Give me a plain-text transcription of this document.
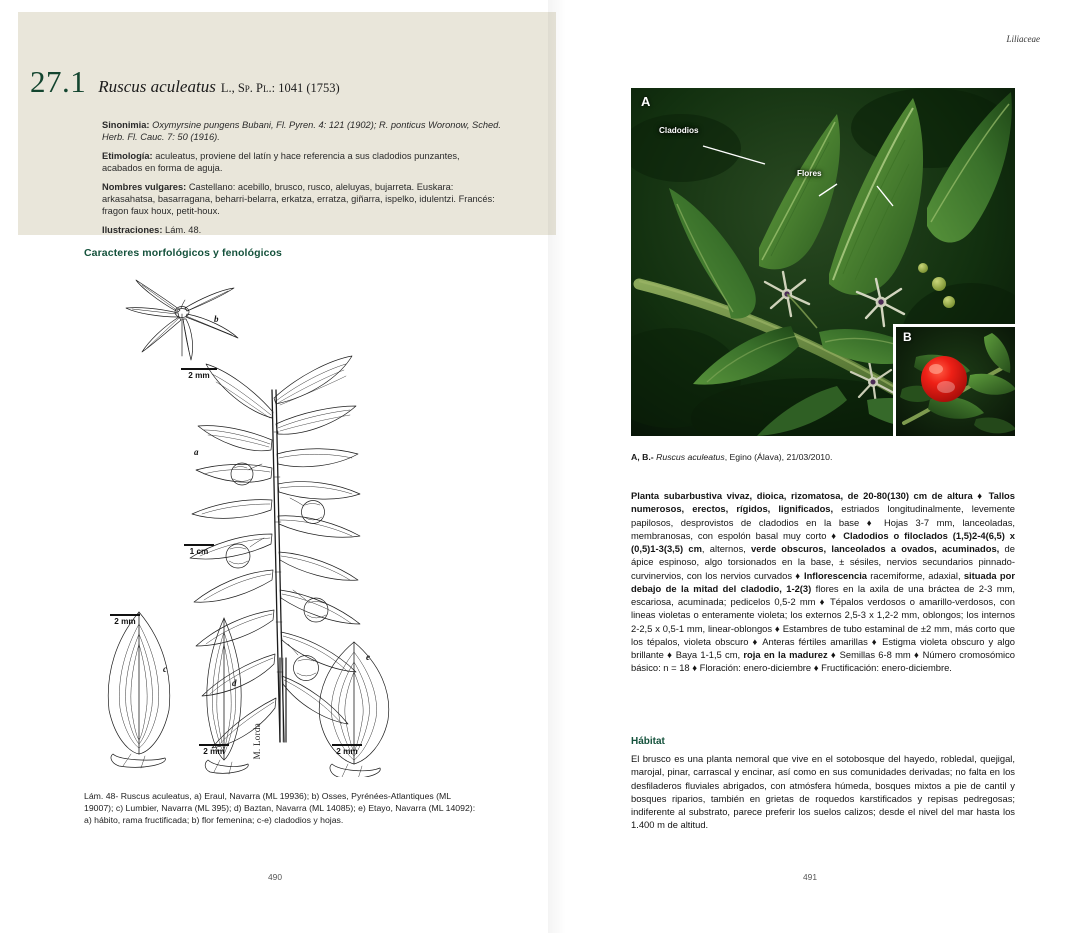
27.1 Ruscus aculeatus L., Sp. Pl.: 1041 (1753)

Sinonimia: Oxymyrsine pungens Bubani, Fl. Pyren. 4: 121 (1902); R. ponticus Woronow, Sched. Herb. Fl. Cauc. 7: 50 (1916).

Etimología: aculeatus, proviene del latín y hace referencia a sus cladodios punzantes, acabados en forma de aguja.

Nombres vulgares: Castellano: acebillo, brusco, rusco, aleluyas, bujarreta. Euskara: arkasahatsa, basarragana, beharri-belarra, erkatza, erratza, giñarra, ispelko, idulentzi. Francés: fragon faux houx, petit-houx.

Ilustraciones: Lám. 48.

Caracteres morfológicos y fenológicos
b
a
c
d
e
2 mm
1 cm
2 mm
2 mm	2 mm
M. Lorda
Lám. 48- Ruscus aculeatus, a) Eraul, Navarra (ML 19936); b) Osses, Pyrénées-Atlantiques (ML 19007); c) Lumbier, Navarra (ML 395); d) Baztan, Navarra (ML 14085); e) Etayo, Navarra (ML 14092): a) hábito, rama fructificada; b) flor femenina; c-e) cladodios y hojas.
490
Liliaceae
A
Cladodios
Flores
B
A, B.- Ruscus aculeatus, Egino (Álava), 21/03/2010.
Planta subarbustiva vivaz, dioica, rizomatosa, de 20-80(130) cm de altura ♦ Tallos numerosos, erectos, rígidos, lignificados, estriados longitudinalmente, levemente papilosos, desprovistos de cladodios en la base ♦ Hojas 3-7 mm, lanceoladas, membranosas, con espolón basal muy corto ♦ Cladodios o filoclados (1,5)2-4(6,5) x (0,5)1-3(3,5) cm, alternos, verde obscuros, lanceolados a ovados, acuminados, de ápice espinoso, algo torsionados en la base, ± sésiles, nervios secundarios pinnado-curvinervios, con los nervios curvados ♦ Inflorescencia racemiforme, adaxial, situada por debajo de la mitad del cladodio, 1-2(3) flores en la axila de una bráctea de 2-3 mm, escariosa, acuminada; pedicelos 0,5-2 mm ♦ Tépalos verdosos o amarillo-verdosos, con lineas violetas o enteramente violeta; los externos 2,5-3 x 1,2-2 mm, oblongos; los internos 2-2,5 x 0,5-1 mm, linear-oblongos ♦ Estambres de tubo estaminal de ±2 mm, más corto que los tépalos, violeta obscuro ♦ Anteras fértiles amarillas ♦ Estigma violeta obscuro y algo brillante ♦ Baya 1-1,5 cm, roja en la madurez ♦ Semillas 6-8 mm ♦ Número cromosómico básico: n = 18 ♦ Floración: enero-diciembre ♦ Fructificación: enero-diciembre.
Hábitat
El brusco es una planta nemoral que vive en el sotobosque del hayedo, robledal, quejigal, marojal, pinar, carrascal y encinar, así como en sus comunidades derivadas; no falta en los desfiladeros fluviales abrigados, con atmósfera húmeda, bosques mixtos a pie de cantil y bosques riparios, también en grietas de roquedos karstificados y repisas pedregosas; indiferente al substrato, parece preferir los suelos calizos; desde el nivel del mar hasta los 1.400 m de altitud.
491
